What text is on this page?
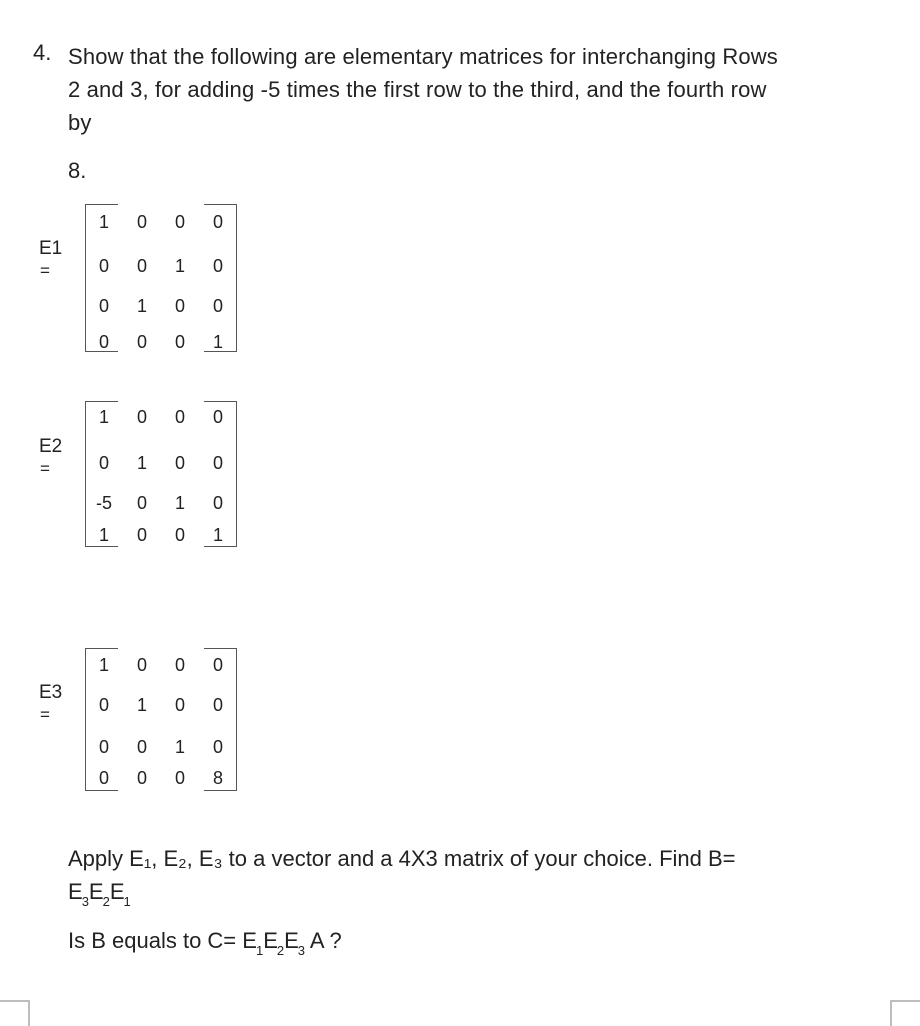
4. Show that the following are elementary matrices for interchanging Rows
2 and 3, for adding -5 times the first row to the third, and the fourth row
by
8.
E1
=
1	0	0	0
0	0	1	0
0	1	0	0
0	0	0	1
E2
=
1	0	0	0
0	1	0	0
-5	0	1	0
1	0	0	1
E3
=
1	0	0	0
0	1	0	0
0	0	1	0
0	0	0	8
Apply E₁, E₂, E₃ to a vector and a 4X3 matrix of your choice. Find B=
$E_3E_2E_1$
Is B equals to $C= E_1E_2E_3$ A ?
